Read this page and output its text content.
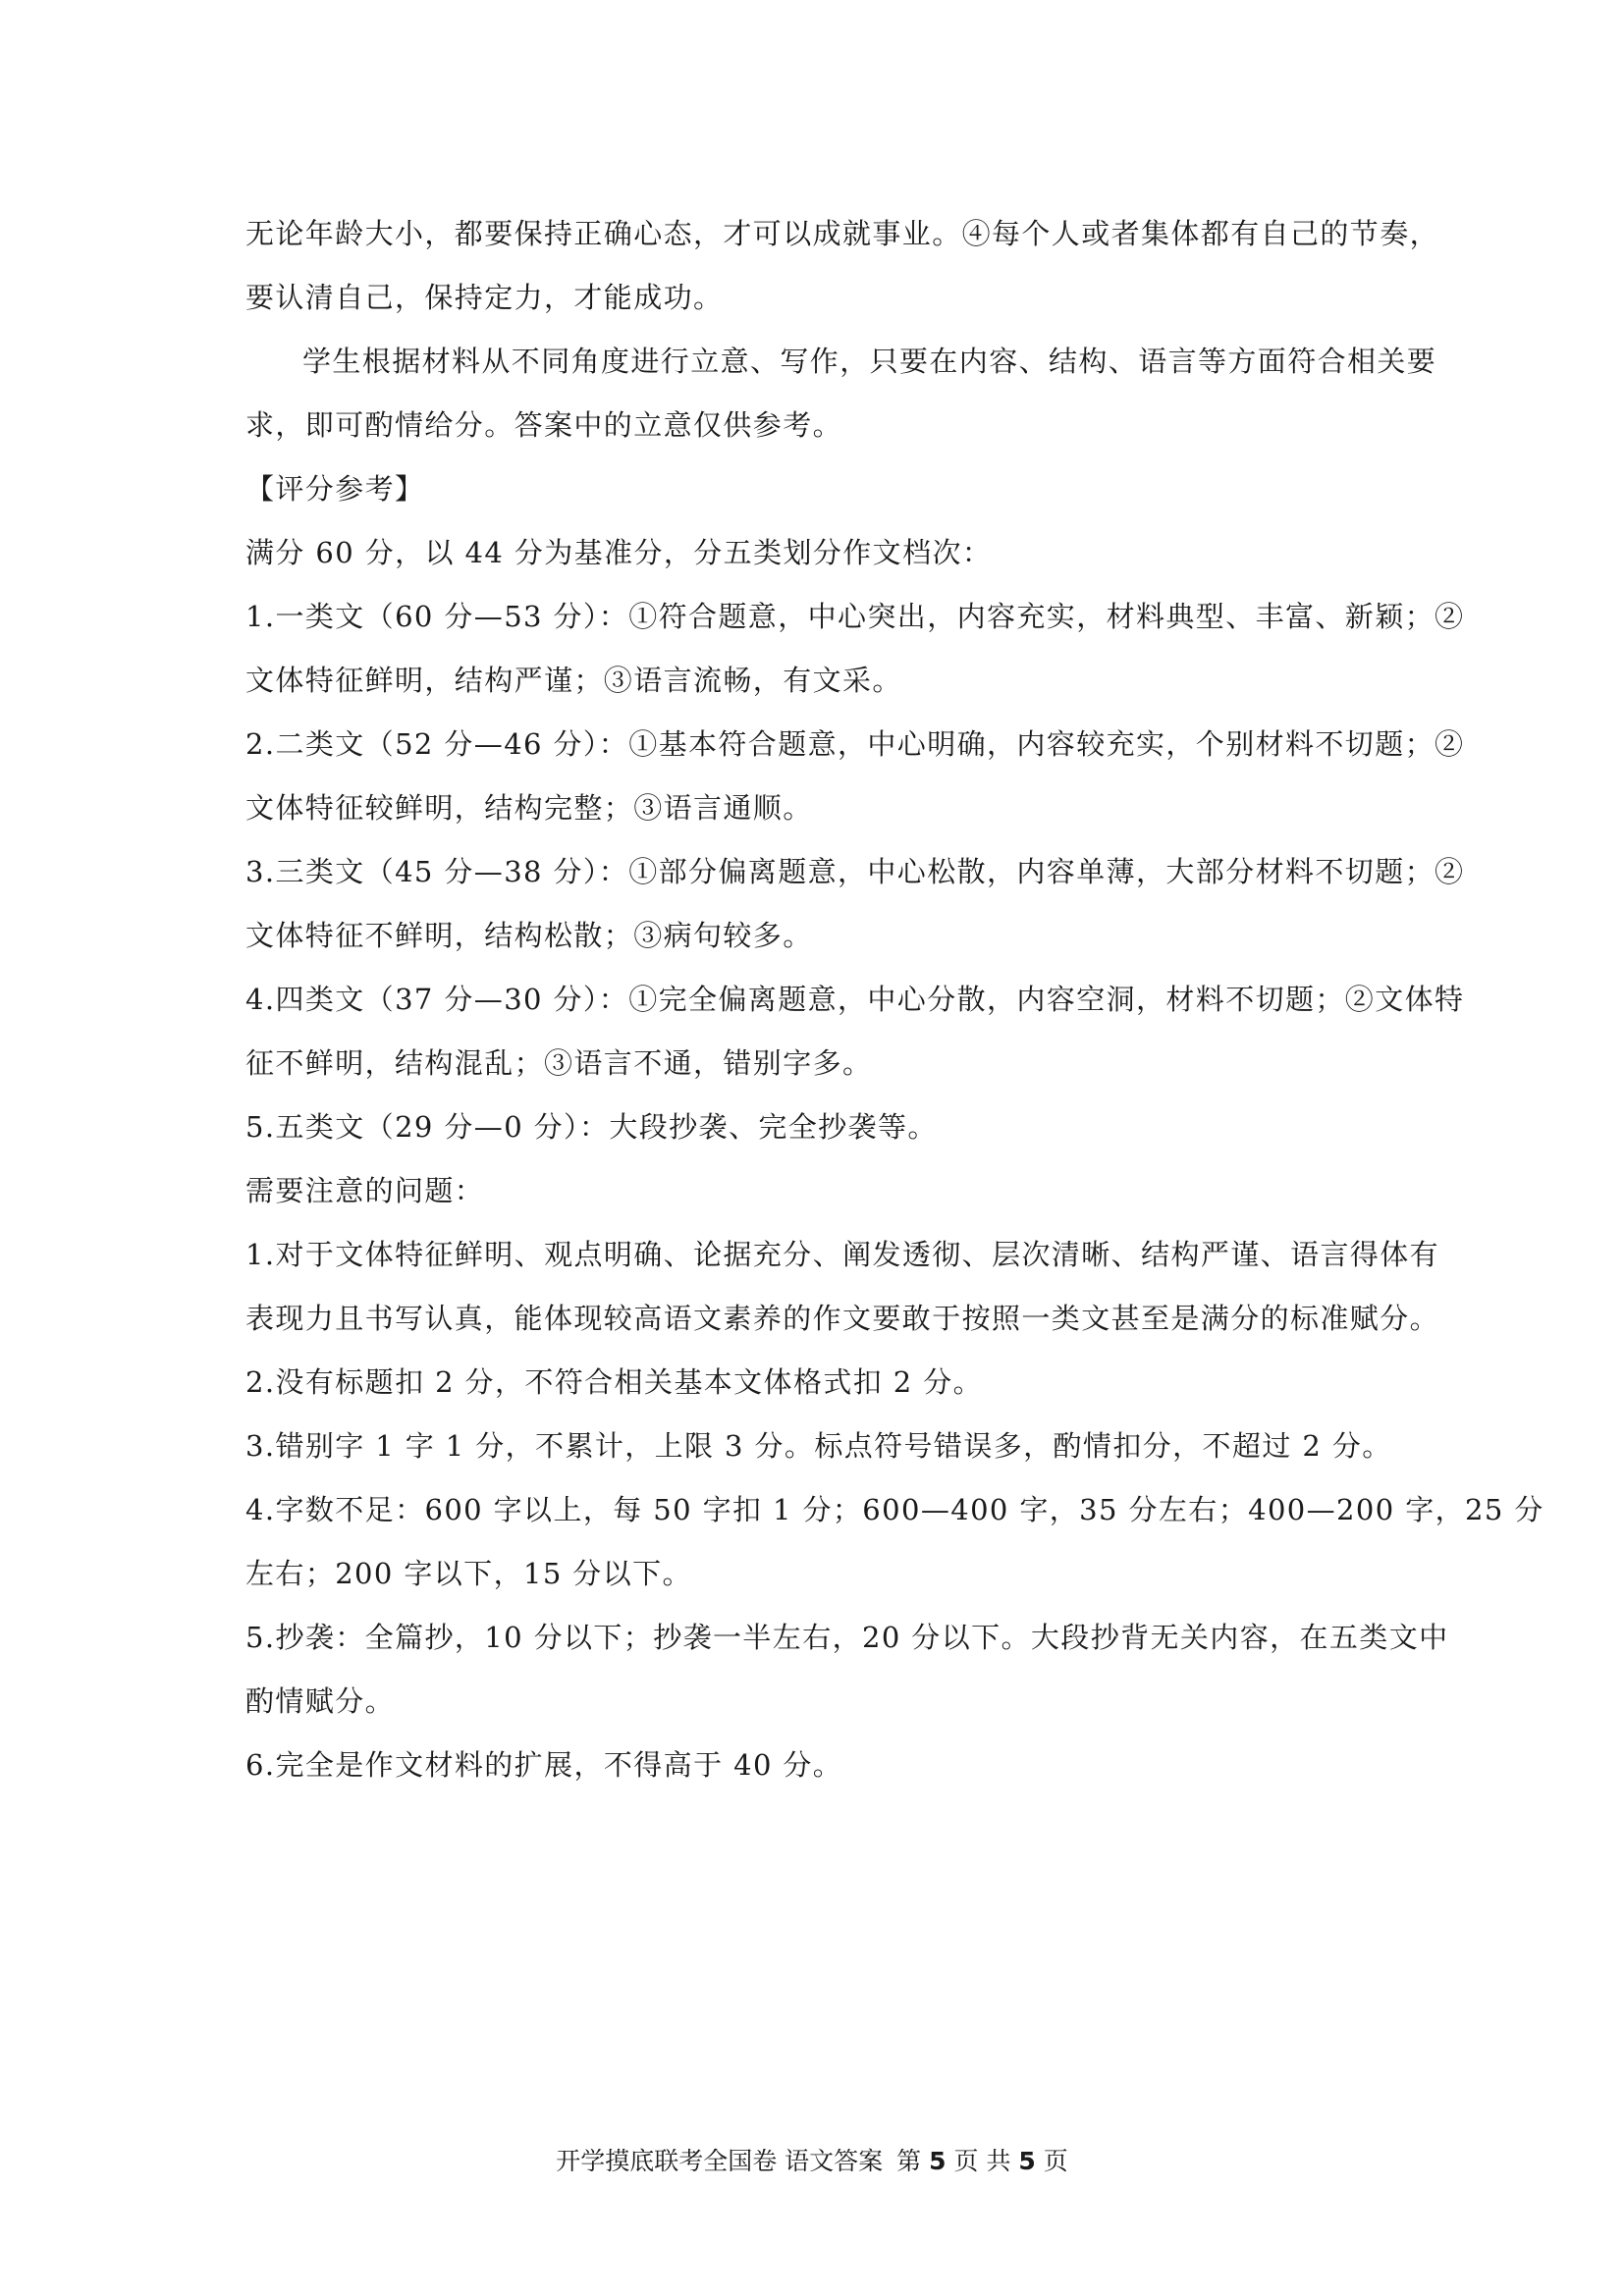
无论年龄大小，都要保持正确心态，才可以成就事业。④每个人或者集体都有自己的节奏，
要认清自己，保持定力，才能成功。
学生根据材料从不同角度进行立意、写作，只要在内容、结构、语言等方面符合相关要
求，即可酌情给分。答案中的立意仅供参考。
【评分参考】
满分 60 分，以 44 分为基准分，分五类划分作文档次：
1.一类文（60 分—53 分）：①符合题意，中心突出，内容充实，材料典型、丰富、新颖；②
文体特征鲜明，结构严谨；③语言流畅，有文采。
2.二类文（52 分—46 分）：①基本符合题意，中心明确，内容较充实，个别材料不切题；②
文体特征较鲜明，结构完整；③语言通顺。
3.三类文（45 分—38 分）：①部分偏离题意，中心松散，内容单薄，大部分材料不切题；②
文体特征不鲜明，结构松散；③病句较多。
4.四类文（37 分—30 分）：①完全偏离题意，中心分散，内容空洞，材料不切题；②文体特
征不鲜明，结构混乱；③语言不通，错别字多。
5.五类文（29 分—0 分）：大段抄袭、完全抄袭等。
需要注意的问题：
1.对于文体特征鲜明、观点明确、论据充分、阐发透彻、层次清晰、结构严谨、语言得体有
表现力且书写认真，能体现较高语文素养的作文要敢于按照一类文甚至是满分的标准赋分。
2.没有标题扣 2 分，不符合相关基本文体格式扣 2 分。
3.错别字 1 字 1 分，不累计，上限 3 分。标点符号错误多，酌情扣分，不超过 2 分。
4.字数不足：600 字以上，每 50 字扣 1 分；600—400 字，35 分左右；400—200 字，25 分
左右；200 字以下，15 分以下。
5.抄袭：全篇抄，10 分以下；抄袭一半左右，20 分以下。大段抄背无关内容，在五类文中
酌情赋分。
6.完全是作文材料的扩展，不得高于 40 分。
开学摸底联考全国卷 语文答案 第 5 页 共 5 页
